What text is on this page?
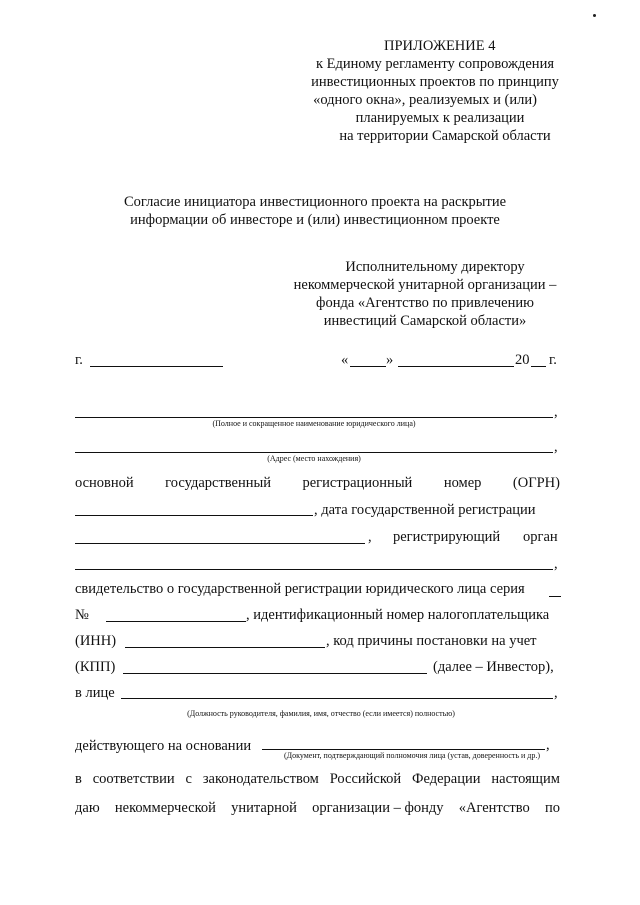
ПРИЛОЖЕНИЕ 4
к Единому регламенту сопровождения
инвестиционных проектов по принципу
«одного окна», реализуемых и (или)
планируемых к реализации
на территории Самарской области
Согласие инициатора инвестиционного проекта на раскрытие
информации об инвесторе и (или) инвестиционном проекте
Исполнительному директору
некоммерческой унитарной организации –
фонда «Агентство по привлечению
инвестиций Самарской области»
г.	«	»	20 г.
,
(Полное и сокращенное наименование юридического лица)
,
(Адрес (место нахождения)
основной государственный регистрационный номер (ОГРН)
, дата государственной регистрации
, регистрирующий орган
,
свидетельство о государственной регистрации юридического лица серия
№	, идентификационный номер налогоплательщика
(ИНН)	, код причины постановки на учет
(КПП)	(далее – Инвестор),
в лице	,
(Должность руководителя, фамилия, имя, отчество (если имеется) полностью)
действующего на основании	,
(Документ, подтверждающий полномочия лица (устав, доверенность и др.)
в соответствии с законодательством Российской Федерации настоящим
даю некоммерческой унитарной организации – фонду «Агентство по
